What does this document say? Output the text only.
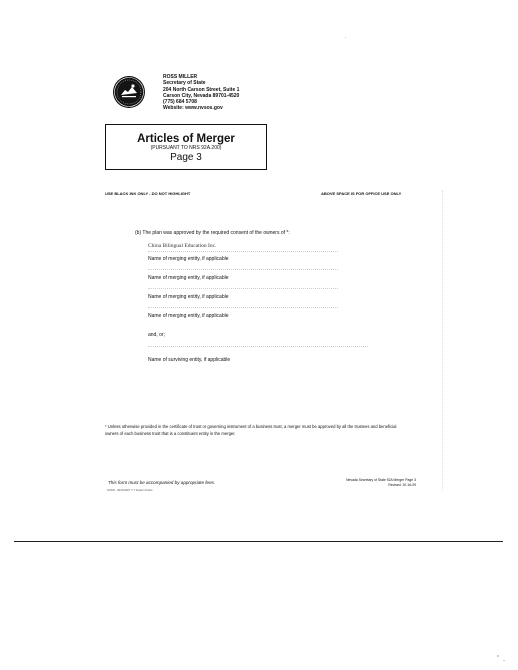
ROSS MILLER
Secretary of State
204 North Carson Street, Suite 1
Carson City, Nevada 89701-4520
(775) 684 5708
Website: www.nvsos.gov
Articles of Merger
(PURSUANT TO NRS 92A.200)
Page 3
USE BLACK INK ONLY - DO NOT HIGHLIGHT	ABOVE SPACE IS FOR OFFICE USE ONLY
(b) The plan was approved by the required consent of the owners of *:
China Bilingual Education Inc.
Name of merging entity, if applicable
Name of merging entity, if applicable
Name of merging entity, if applicable
Name of merging entity, if applicable
and, or;
Name of surviving entity, if applicable
* Unless otherwise provided in the certificate of trust or governing instrument of a business trust, a merger must be approved by all the trustees and beneficial owners of each business trust that is a constituent entity in the merger.
This form must be accompanied by appropriate fees.
NV025 - 09/19/2007 C T System Online
Nevada Secretary of State 92A Merger Page 3
Revised: 10-16-09
